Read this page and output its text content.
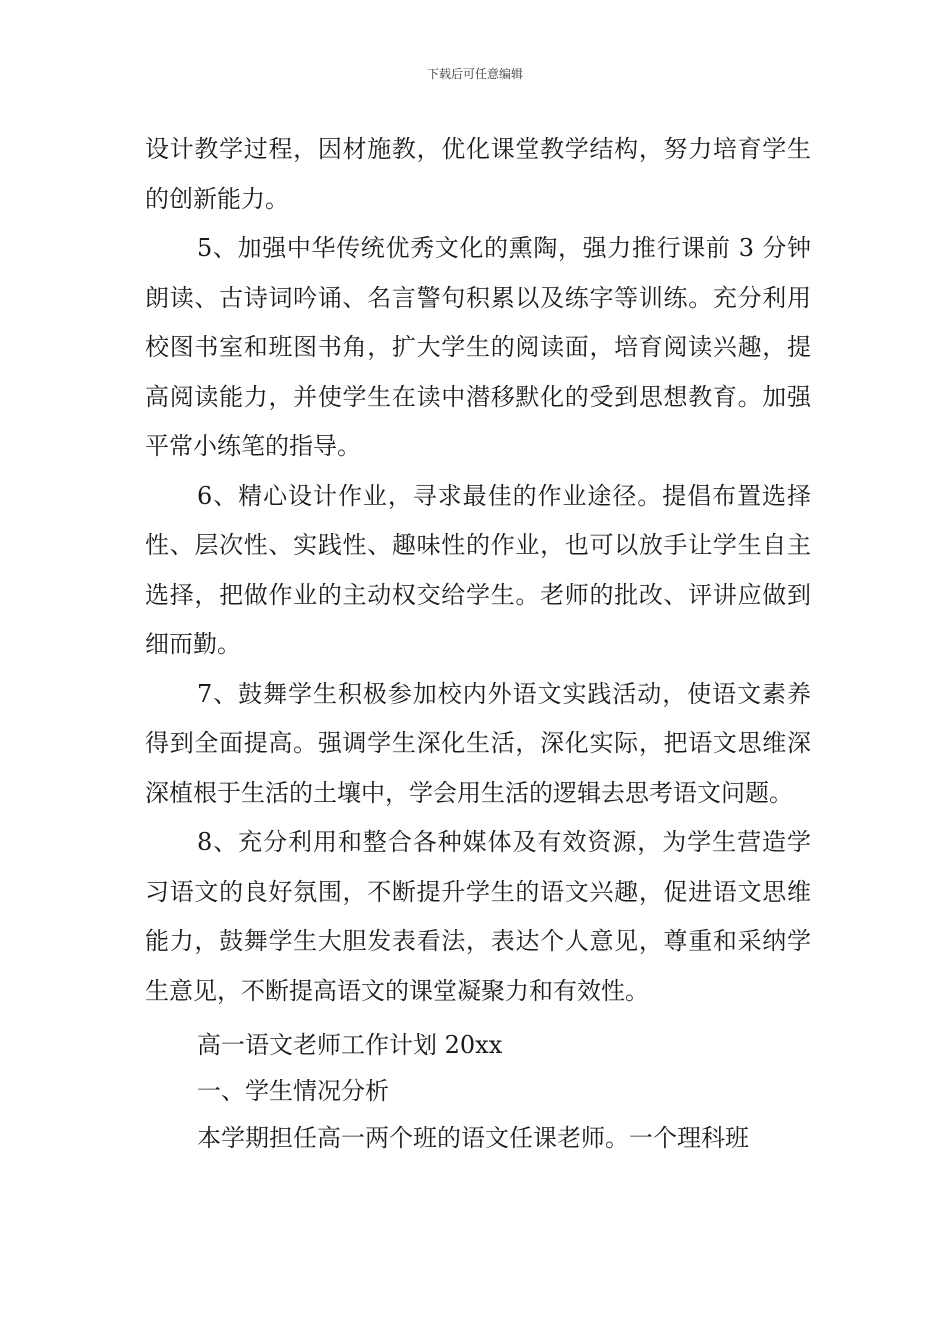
下载后可任意编辑

设计教学过程，因材施教，优化课堂教学结构，努力培育学生的创新能力。

5、加强中华传统优秀文化的熏陶，强力推行课前 3 分钟朗读、古诗词吟诵、名言警句积累以及练字等训练。充分利用校图书室和班图书角，扩大学生的阅读面，培育阅读兴趣，提高阅读能力，并使学生在读中潜移默化的受到思想教育。加强平常小练笔的指导。

6、精心设计作业，寻求最佳的作业途径。提倡布置选择性、层次性、实践性、趣味性的作业，也可以放手让学生自主选择，把做作业的主动权交给学生。老师的批改、评讲应做到细而勤。

7、鼓舞学生积极参加校内外语文实践活动，使语文素养得到全面提高。强调学生深化生活，深化实际，把语文思维深深植根于生活的土壤中，学会用生活的逻辑去思考语文问题。

8、充分利用和整合各种媒体及有效资源，为学生营造学习语文的良好氛围，不断提升学生的语文兴趣，促进语文思维能力，鼓舞学生大胆发表看法，表达个人意见，尊重和采纳学生意见，不断提高语文的课堂凝聚力和有效性。

高一语文老师工作计划 20xx

一、学生情况分析

本学期担任高一两个班的语文任课老师。一个理科班
